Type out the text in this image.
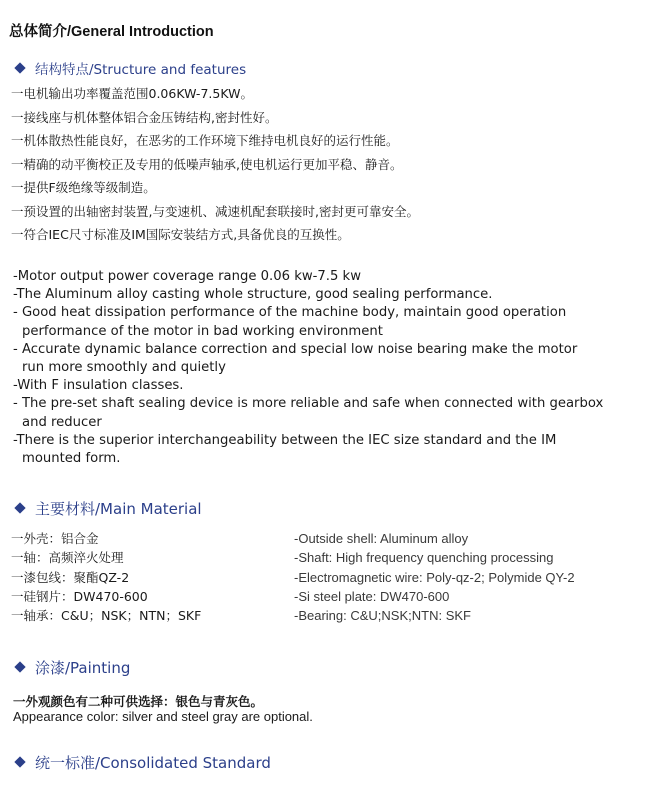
总体简介/General Introduction
结构特点/Structure and features
一电机输出功率覆盖范围0.06KW-7.5KW。
一接线座与机体整体铝合金压铸结构,密封性好。
一机体散热性能良好，在恶劣的工作环境下维持电机良好的运行性能。
一精确的动平衡校正及专用的低噪声轴承,使电机运行更加平稳、静音。
一提供F级绝缘等级制造。
一预设置的出轴密封装置,与变速机、减速机配套联接时,密封更可靠安全。
一符合IEC尺寸标准及IM国际安装结方式,具备优良的互换性。
-Motor output power coverage range 0.06 kw-7.5 kw
-The Aluminum alloy casting whole structure, good sealing performance.
- Good heat dissipation performance of the machine body, maintain good operation
performance of the motor in bad working environment
- Accurate dynamic balance correction and special low noise bearing make the motor
run more smoothly and quietly
-With F insulation classes.
- The pre-set shaft sealing device is more reliable and safe when connected with gearbox
and reducer
-There is the superior interchangeability between the IEC size standard and the IM
mounted form.
主要材料/Main Material
一外壳：铝合金
一轴：高频淬火处理
一漆包线：聚酯QZ-2
一硅钢片：DW470-600
一轴承：C&U；NSK；NTN；SKF
-Outside shell: Aluminum alloy
-Shaft: High frequency quenching processing
-Electromagnetic wire: Poly-qz-2; Polymide QY-2
-Si steel plate: DW470-600
-Bearing: C&U;NSK;NTN: SKF
涂漆/Painting
一外观颜色有二种可供选择：银色与青灰色。
Appearance color: silver and steel gray are optional.
统一标准/Consolidated Standard
